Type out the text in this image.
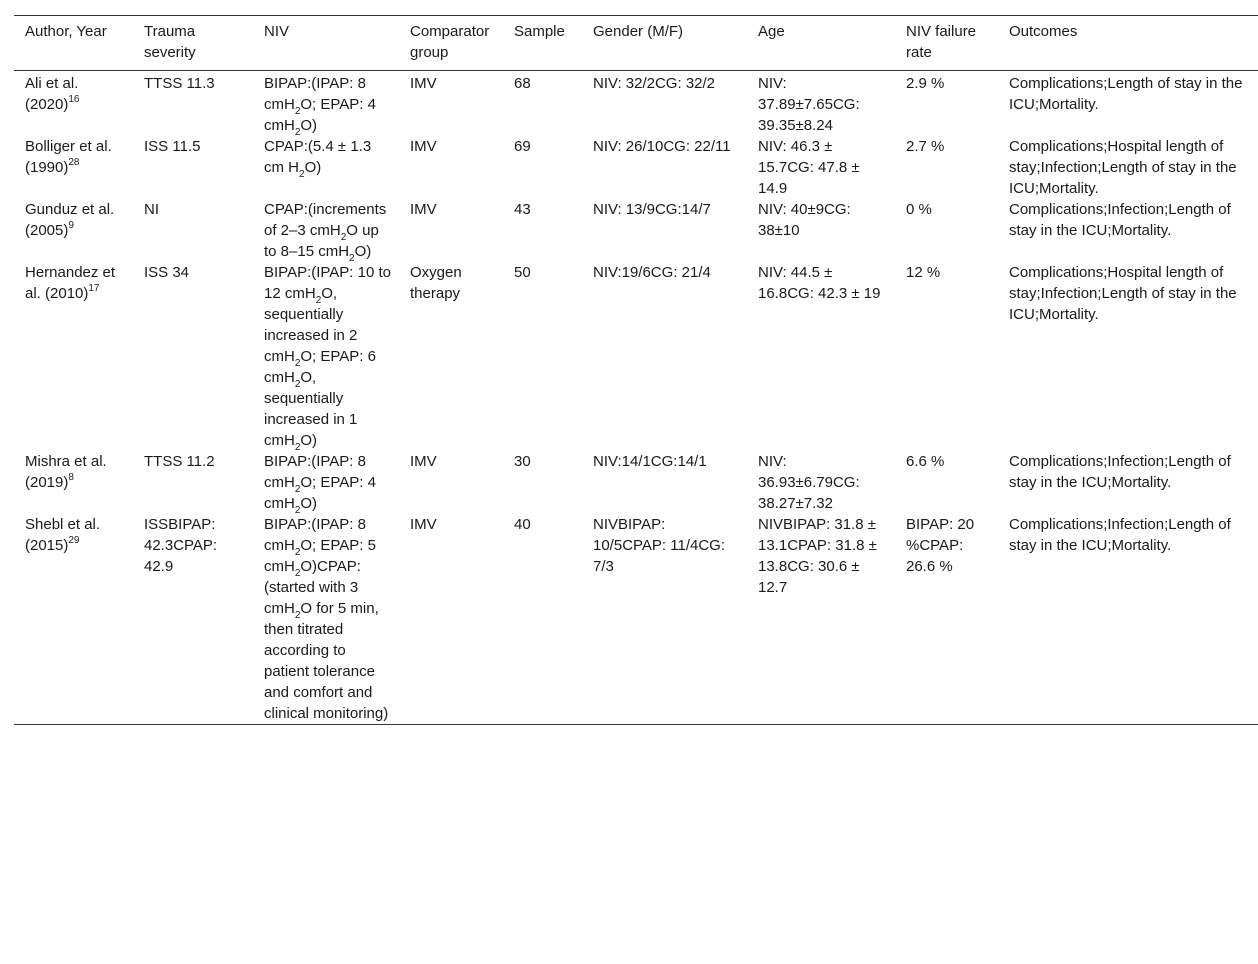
Author, Year	Trauma severity	NIV	Comparator group	Sample	Gender (M/F)	Age	NIV failure rate	Outcomes
Ali et al. $(2020)^{16}$	TTSS 11.3	BIPAP:(IPAP: 8 cmH$_2$O; EPAP: 4 cmH$_2$O)	IMV	68	NIV: 32/2CG: 32/2	NIV: 37.89±7.65CG: 39.35±8.24	2.9 %	Complications;Length of stay in the ICU;Mortality.
Bolliger et al. $(1990)^{28}$	ISS 11.5	CPAP:(5.4 ± 1.3 cm $H_2O$)	IMV	69	NIV: 26/10CG: 22/11	NIV: 46.3 ± 15.7CG: 47.8 ± 14.9	2.7 %	Complications;Hospital length of stay;Infection;Length of stay in the ICU;Mortality.
Gunduz et al. $(2005)^9$	NI	CPAP:(increments of 2–3 cmH$_2$O up to 8–15 cmH$_2$O)	IMV	43	NIV: 13/9CG:14/7	NIV: 40±9CG: 38±10	0 %	Complications;Infection;Length of stay in the ICU;Mortality.
Hernandez et al. $(2010)^{17}$	ISS 34	BIPAP:(IPAP: 10 to 12 cmH$_2$O, sequentially increased in 2 cmH$_2$O; EPAP: 6 cmH$_2$O, sequentially increased in 1 cmH$_2$O)	Oxygen therapy	50	NIV:19/6CG: 21/4	NIV: 44.5 ± 16.8CG: 42.3 ± 19	12 %	Complications;Hospital length of stay;Infection;Length of stay in the ICU;Mortality.
Mishra et al. $(2019)^8$	TTSS 11.2	BIPAP:(IPAP: 8 cmH$_2$O; EPAP: 4 cmH$_2$O)	IMV	30	NIV:14/1CG:14/1	NIV: 36.93±6.79CG: 38.27±7.32	6.6 %	Complications;Infection;Length of stay in the ICU;Mortality.
Shebl et al. $(2015)^{29}$	ISSBIPAP: 42.3CPAP: 42.9	BIPAP:(IPAP: 8 cmH$_2$O; EPAP: 5 cmH$_2$O)CPAP:(started with 3 cmH$_2$O for 5 min, then titrated according to patient tolerance and comfort and clinical monitoring)	IMV	40	NIVBIPAP: 10/5CPAP: 11/4CG: 7/3	NIVBIPAP: 31.8 ± 13.1CPAP: 31.8 ± 13.8CG: 30.6 ± 12.7	BIPAP: 20 %CPAP: 26.6 %	Complications;Infection;Length of stay in the ICU;Mortality.
